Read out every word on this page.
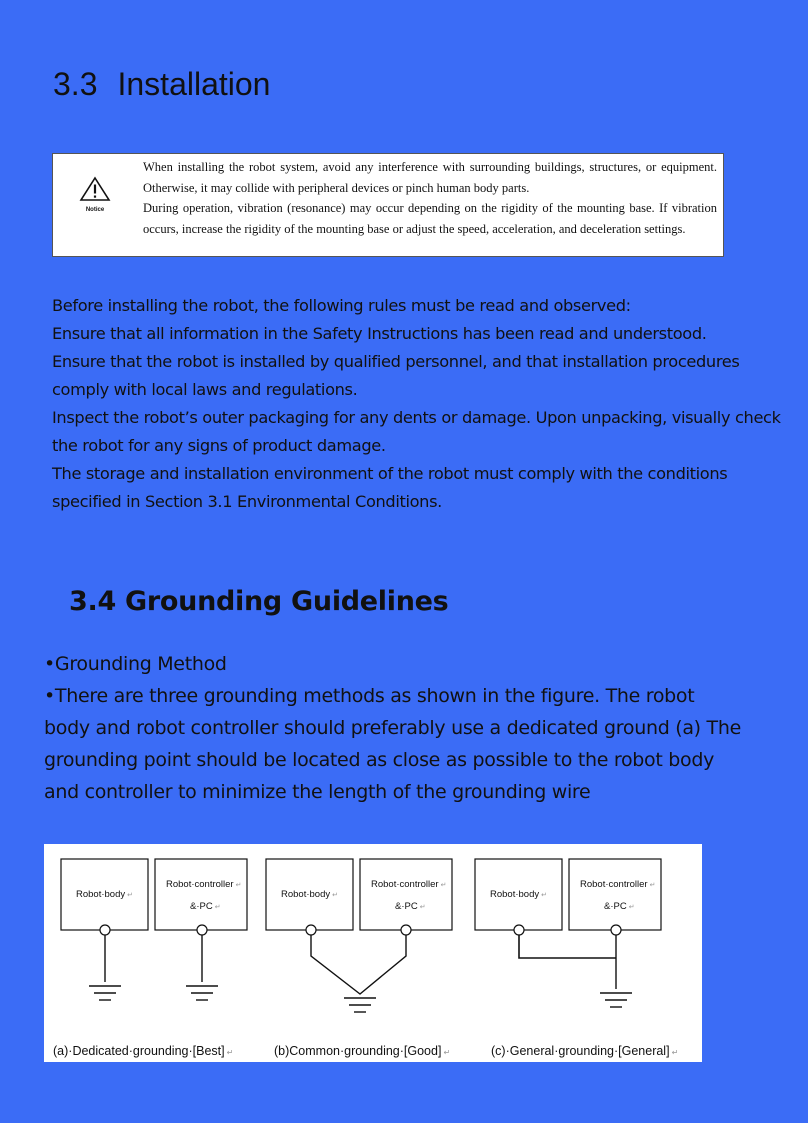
3.3 Installation
Notice

When installing the robot system, avoid any interference with surrounding buildings, structures, or equipment. Otherwise, it may collide with peripheral devices or pinch human body parts.

During operation, vibration (resonance) may occur depending on the rigidity of the mounting base. If vibration occurs, increase the rigidity of the mounting base or adjust the speed, acceleration, and deceleration settings.

Before installing the robot, the following rules must be read and observed:

Ensure that all information in the Safety Instructions has been read and understood.

Ensure that the robot is installed by qualified personnel, and that installation procedures comply with local laws and regulations.

Inspect the robot’s outer packaging for any dents or damage. Upon unpacking, visually check the robot for any signs of product damage.

The storage and installation environment of the robot must comply with the conditions specified in Section 3.1 Environmental Conditions.

3.4 Grounding Guidelines

•Grounding Method

•There are three grounding methods as shown in the figure. The robot body and robot controller should preferably use a dedicated ground (a) The grounding point should be located as close as possible to the robot body and controller to minimize the length of the grounding wire

Robot·body ↵
Robot·controller ↵
&·PC ↵
(a)·Dedicated·grounding·[Best] ↵
Robot·body ↵
Robot·controller ↵
&·PC ↵
(b)Common·grounding·[Good] ↵
Robot·body ↵
Robot·controller ↵
&·PC ↵
(c)·General·grounding·[General] ↵
